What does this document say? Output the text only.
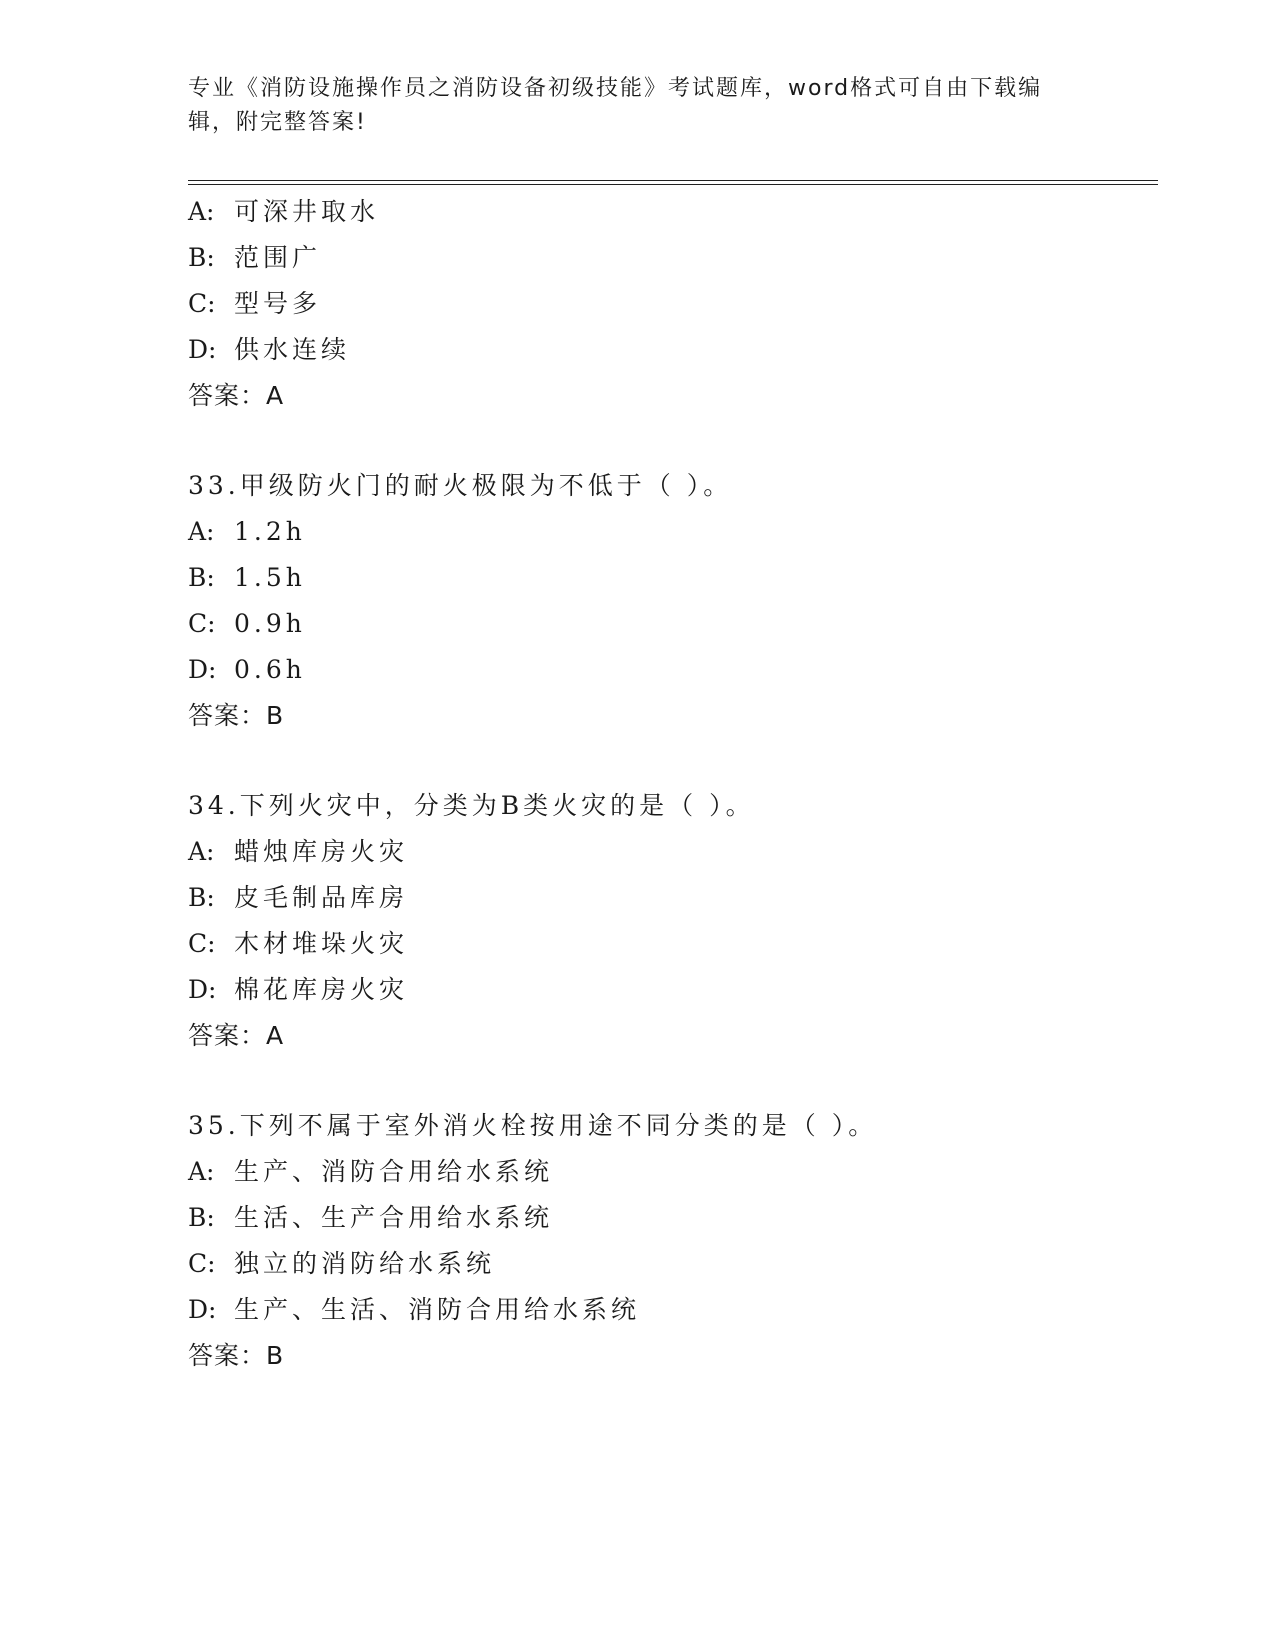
专业《消防设施操作员之消防设备初级技能》考试题库，word格式可自由下载编辑，附完整答案!
A: 可深井取水
B: 范围广
C: 型号多
D: 供水连续
答案：A
33.甲级防火门的耐火极限为不低于（ ）。
A: 1.2h
B: 1.5h
C: 0.9h
D: 0.6h
答案：B
34.下列火灾中，分类为B类火灾的是（ ）。
A: 蜡烛库房火灾
B: 皮毛制品库房
C: 木材堆垛火灾
D: 棉花库房火灾
答案：A
35.下列不属于室外消火栓按用途不同分类的是（ ）。
A: 生产、消防合用给水系统
B: 生活、生产合用给水系统
C: 独立的消防给水系统
D: 生产、生活、消防合用给水系统
答案：B
